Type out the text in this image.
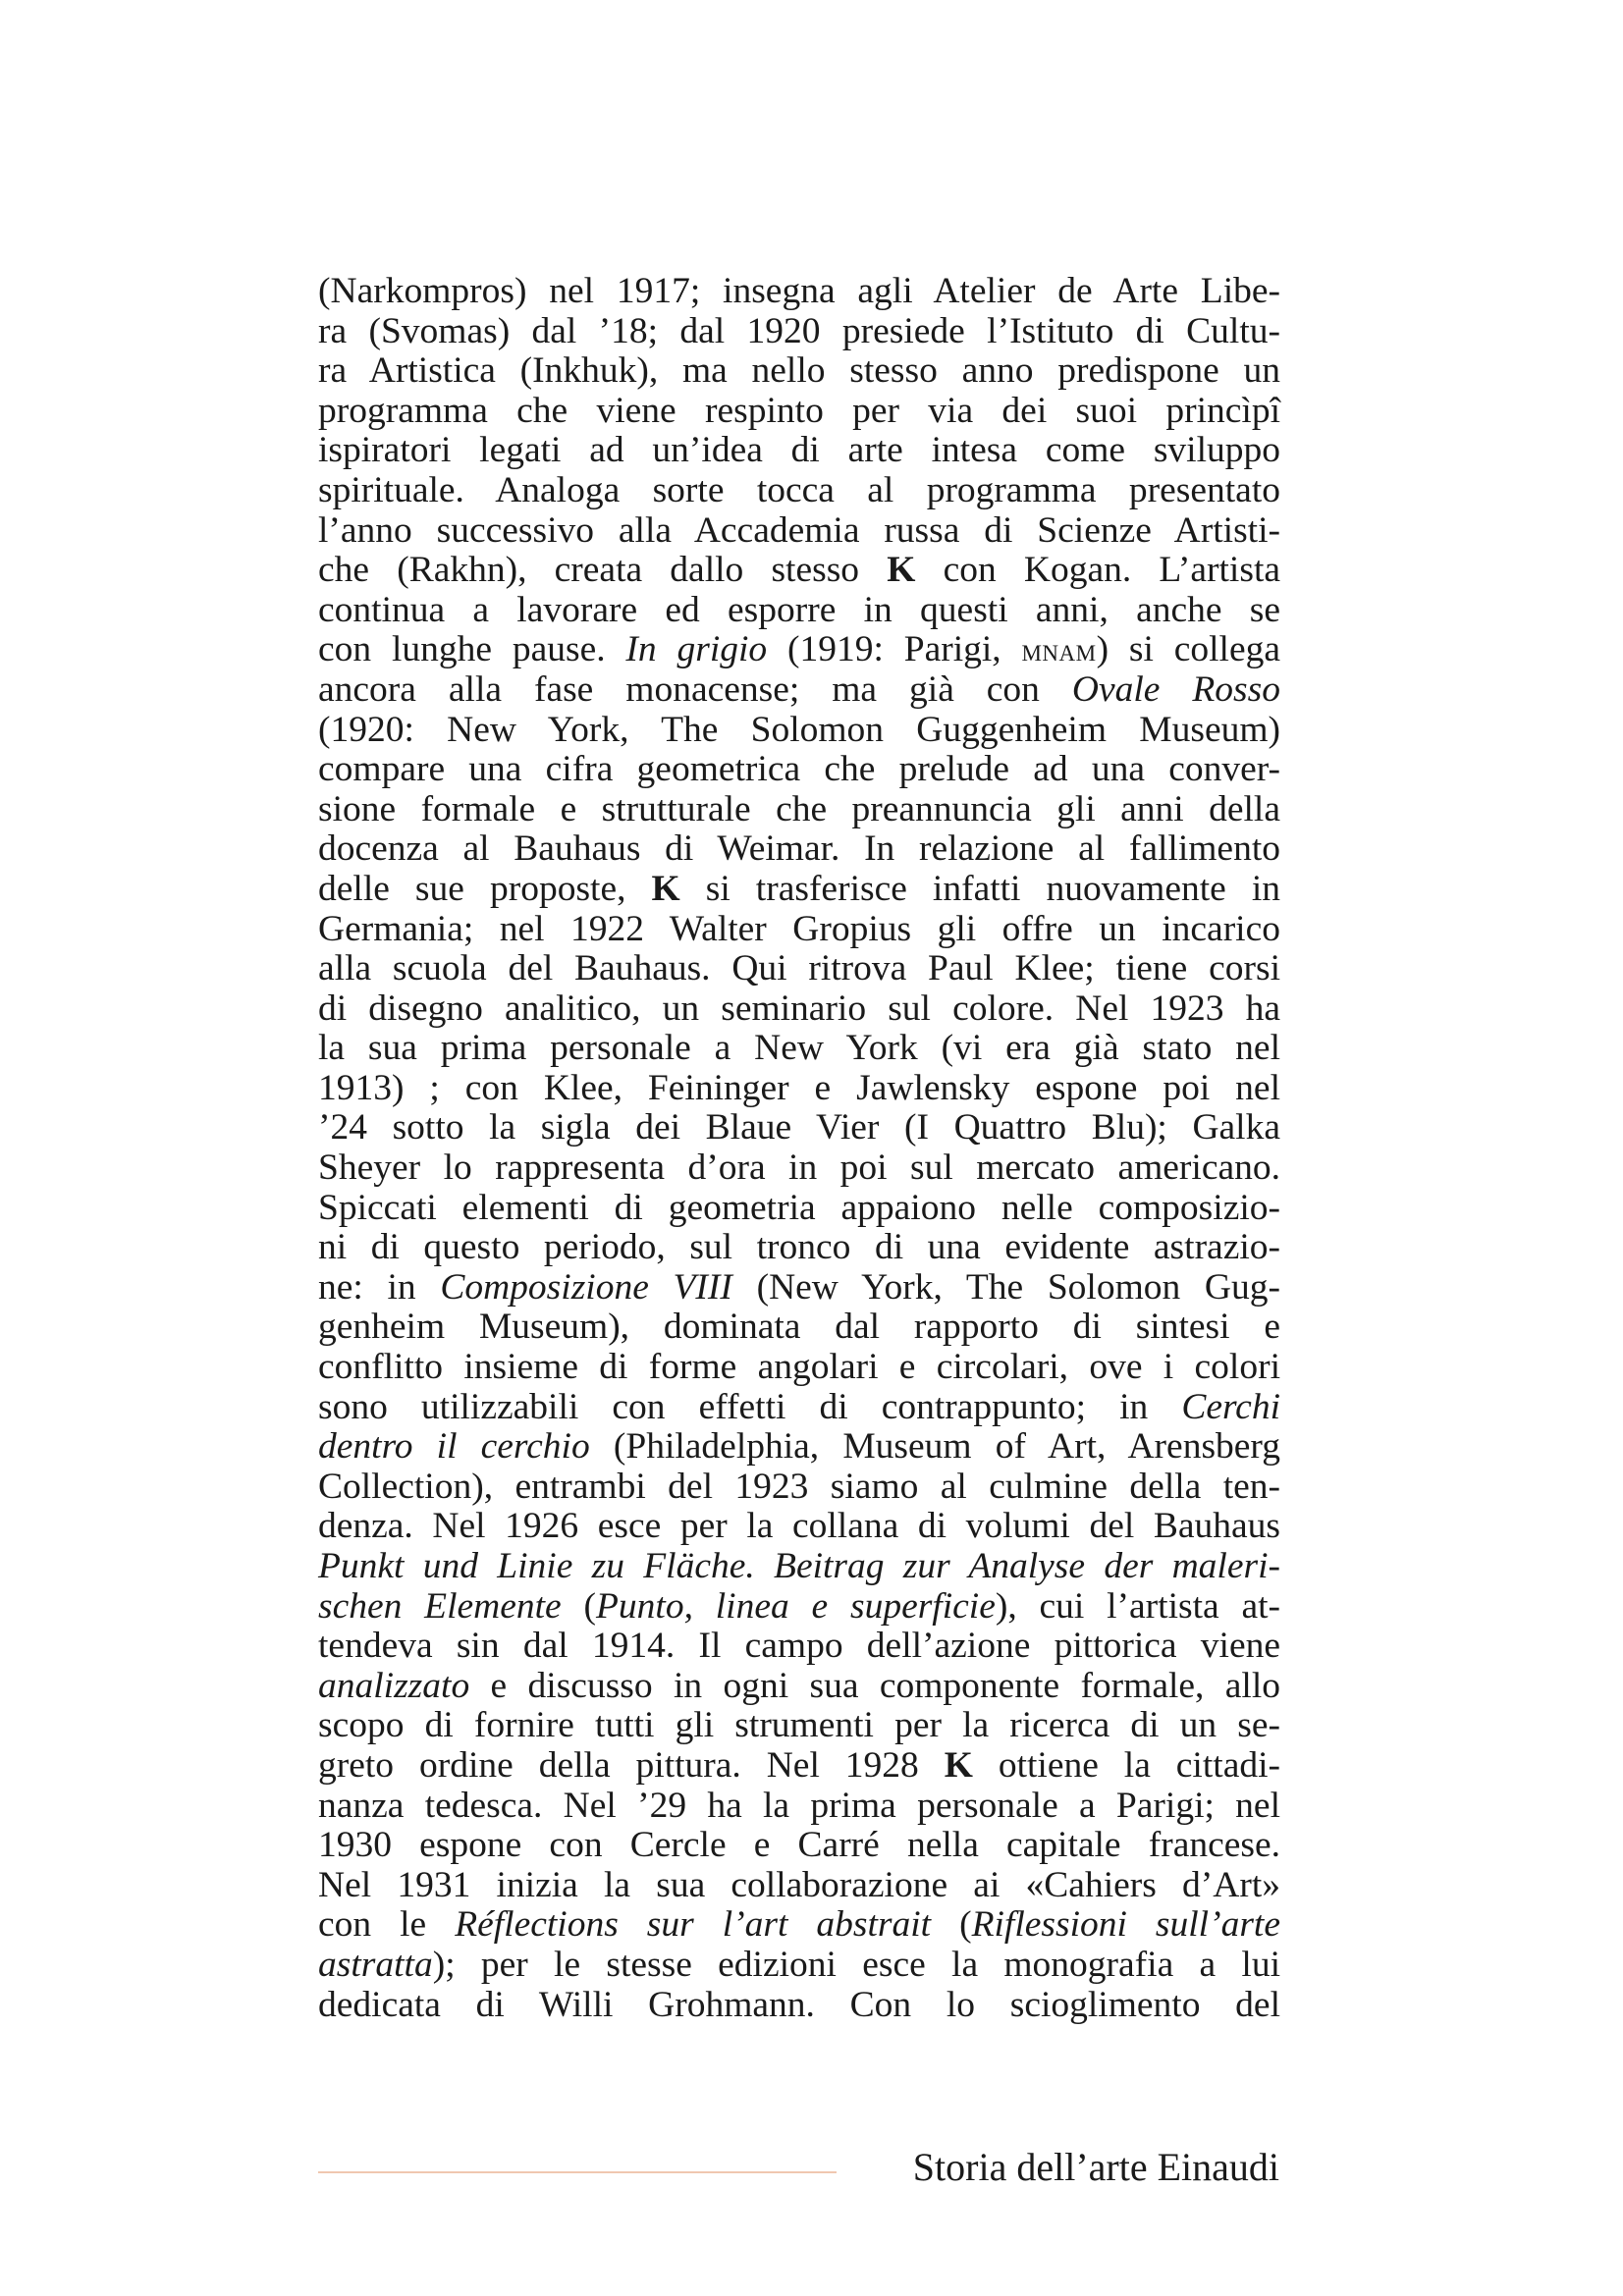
(Narkompros) nel 1917; insegna agli Atelier de Arte Libe-
ra (Svomas) dal ’18; dal 1920 presiede l’Istituto di Cultu-
ra Artistica (Inkhuk), ma nello stesso anno predispone un
programma che viene respinto per via dei suoi princìpî
ispiratori legati ad un’idea di arte intesa come sviluppo
spirituale. Analoga sorte tocca al programma presentato
l’anno successivo alla Accademia russa di Scienze Artisti-
che (Rakhn), creata dallo stesso K con Kogan. L’artista
continua a lavorare ed esporre in questi anni, anche se
con lunghe pause. In grigio (1919: Parigi, mnam) si collega
ancora alla fase monacense; ma già con Ovale Rosso
(1920: New York, The Solomon Guggenheim Museum)
compare una cifra geometrica che prelude ad una conver-
sione formale e strutturale che preannuncia gli anni della
docenza al Bauhaus di Weimar. In relazione al fallimento
delle sue proposte, K si trasferisce infatti nuovamente in
Germania; nel 1922 Walter Gropius gli offre un incarico
alla scuola del Bauhaus. Qui ritrova Paul Klee; tiene corsi
di disegno analitico, un seminario sul colore. Nel 1923 ha
la sua prima personale a New York (vi era già stato nel
1913) ; con Klee, Feininger e Jawlensky espone poi nel
’24 sotto la sigla dei Blaue Vier (I Quattro Blu); Galka
Sheyer lo rappresenta d’ora in poi sul mercato americano.
Spiccati elementi di geometria appaiono nelle composizio-
ni di questo periodo, sul tronco di una evidente astrazio-
ne: in Composizione VIII (New York, The Solomon Gug-
genheim Museum), dominata dal rapporto di sintesi e
conflitto insieme di forme angolari e circolari, ove i colori
sono utilizzabili con effetti di contrappunto; in Cerchi
dentro il cerchio (Philadelphia, Museum of Art, Arensberg
Collection), entrambi del 1923 siamo al culmine della ten-
denza. Nel 1926 esce per la collana di volumi del Bauhaus
Punkt und Linie zu Fläche. Beitrag zur Analyse der maleri-
schen Elemente (Punto, linea e superficie), cui l’artista at-
tendeva sin dal 1914. Il campo dell’azione pittorica viene
analizzato e discusso in ogni sua componente formale, allo
scopo di fornire tutti gli strumenti per la ricerca di un se-
greto ordine della pittura. Nel 1928 K ottiene la cittadi-
nanza tedesca. Nel ’29 ha la prima personale a Parigi; nel
1930 espone con Cercle e Carré nella capitale francese.
Nel 1931 inizia la sua collaborazione ai «Cahiers d’Art»
con le Réflections sur l’art abstrait (Riflessioni sull’arte
astratta); per le stesse edizioni esce la monografia a lui
dedicata di Willi Grohmann. Con lo scioglimento del
Storia dell’arte Einaudi
